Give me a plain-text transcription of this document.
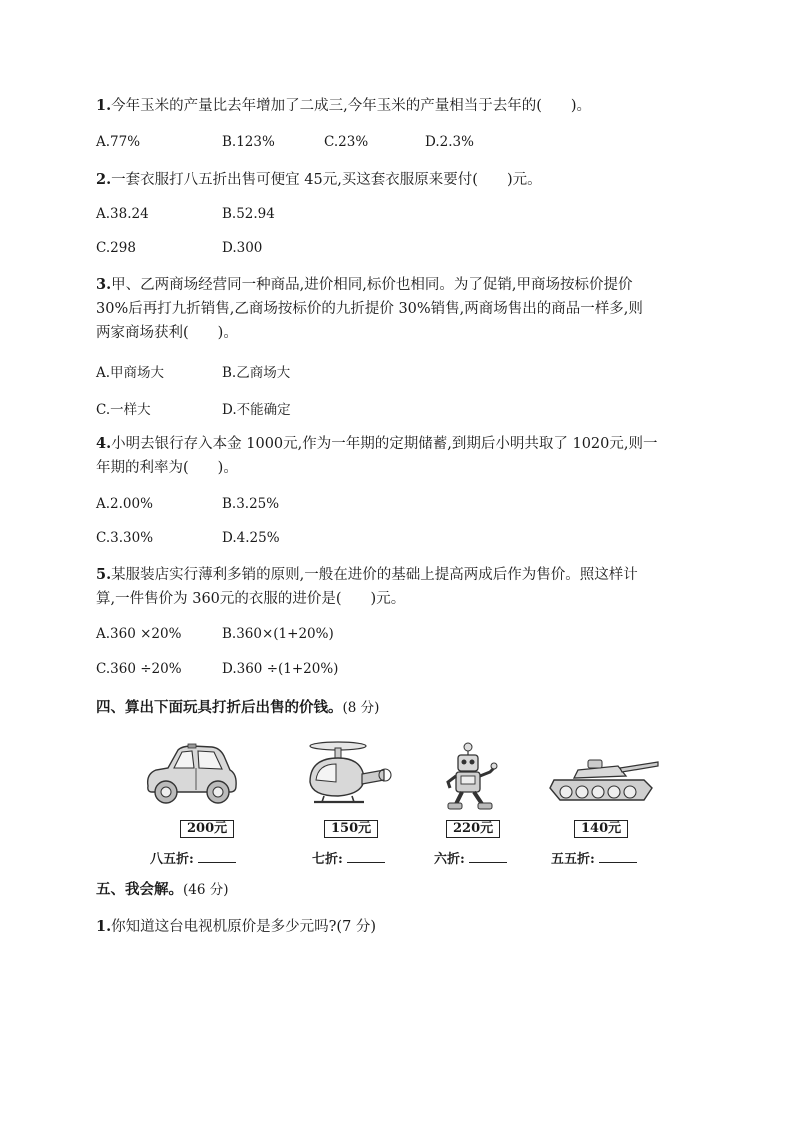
1.今年玉米的产量比去年增加了二成三,今年玉米的产量相当于去年的(　　)。
A.77%	B.123%	C.23%	D.2.3%
2.一套衣服打八五折出售可便宜 45元,买这套衣服原来要付(　　)元。
A.38.24	B.52.94
C.298	D.300
3.甲、乙两商场经营同一种商品,进价相同,标价也相同。为了促销,甲商场按标价提价
30%后再打九折销售,乙商场按标价的九折提价 30%销售,两商场售出的商品一样多,则
两家商场获利(　　)。
A.甲商场大	B.乙商场大
C.一样大	D.不能确定
4.小明去银行存入本金 1000元,作为一年期的定期储蓄,到期后小明共取了 1020元,则一
年期的利率为(　　)。
A.2.00%	B.3.25%
C.3.30%	D.4.25%
5.某服装店实行薄利多销的原则,一般在进价的基础上提高两成后作为售价。照这样计
算,一件售价为 360元的衣服的进价是(　　)元。
A.360 ×20%	B.360×(1+20%)
C.360 ÷20%	D.360 ÷(1+20%)
四、算出下面玩具打折后出售的价钱。(8 分)
200元
八五折:
150元
七折:
220元
六折:
140元
五五折:
五、我会解。(46 分)
1.你知道这台电视机原价是多少元吗?(7 分)
